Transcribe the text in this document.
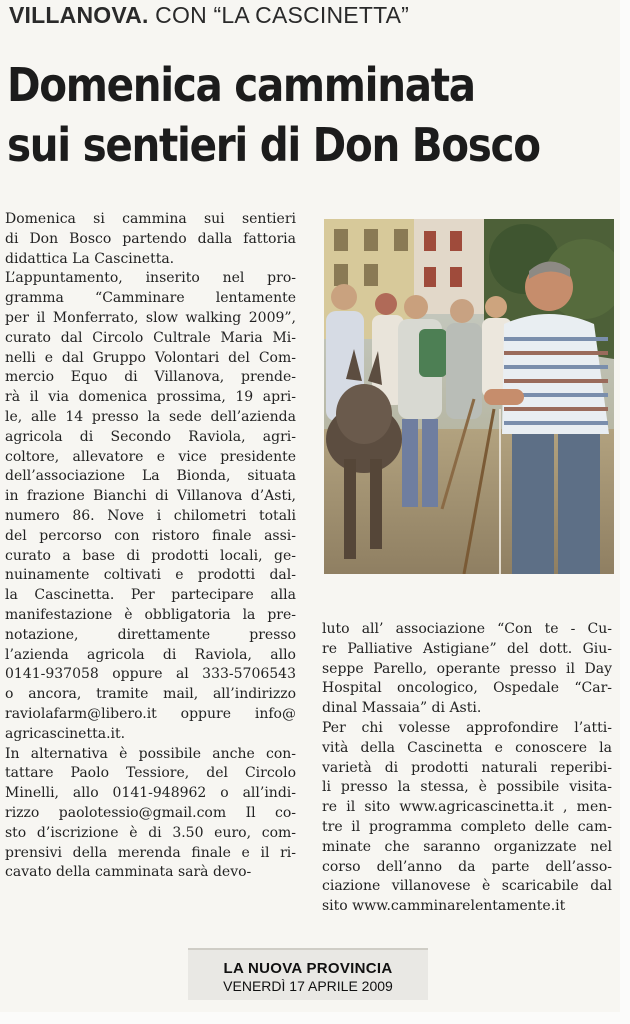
VILLANOVA. CON “LA CASCINETTA”
Domenica camminata
sui sentieri di Don Bosco

Domenica si cammina sui sentieri

di Don Bosco partendo dalla fattoria

didattica La Cascinetta.

L’appuntamento, inserito nel pro-

gramma “Camminare lentamente

per il Monferrato, slow walking 2009”,

curato dal Circolo Cultrale Maria Mi-

nelli e dal Gruppo Volontari del Com-

mercio Equo di Villanova, prende-

rà il via domenica prossima, 19 apri-

le, alle 14 presso la sede dell’azienda

agricola di Secondo Raviola, agri-

coltore, allevatore e vice presidente

dell’associazione La Bionda, situata

in frazione Bianchi di Villanova d’Asti,

numero 86. Nove i chilometri totali

del percorso con ristoro finale assi-

curato a base di prodotti locali, ge-

nuinamente coltivati e prodotti dal-

la Cascinetta. Per partecipare alla

manifestazione è obbligatoria la pre-

notazione, direttamente presso

l’azienda agricola di Raviola, allo

0141-937058 oppure al 333-5706543

o ancora, tramite mail, all’indirizzo

raviolafarm@libero.it oppure info@

agricascinetta.it.

In alternativa è possibile anche con-

tattare Paolo Tessiore, del Circolo

Minelli, allo 0141-948962 o all’indi-

rizzo paolotessio@gmail.com Il co-

sto d’iscrizione è di 3.50 euro, com-

prensivi della merenda finale e il ri-

cavato della camminata sarà devo-

luto all’ associazione “Con te - Cu-

re Palliative Astigiane” del dott. Giu-

seppe Parello, operante presso il Day

Hospital oncologico, Ospedale “Car-

dinal Massaia” di Asti.

Per chi volesse approfondire l’atti-

vità della Cascinetta e conoscere la

varietà di prodotti naturali reperibi-

li presso la stessa, è possibile visita-

re il sito www.agricascinetta.it , men-

tre il programma completo delle cam-

minate che saranno organizzate nel

corso dell’anno da parte dell’asso-

ciazione villanovese è scaricabile dal

sito www.camminarelentamente.it

LA NUOVA PROVINCIA
VENERDÌ 17 APRILE 2009
